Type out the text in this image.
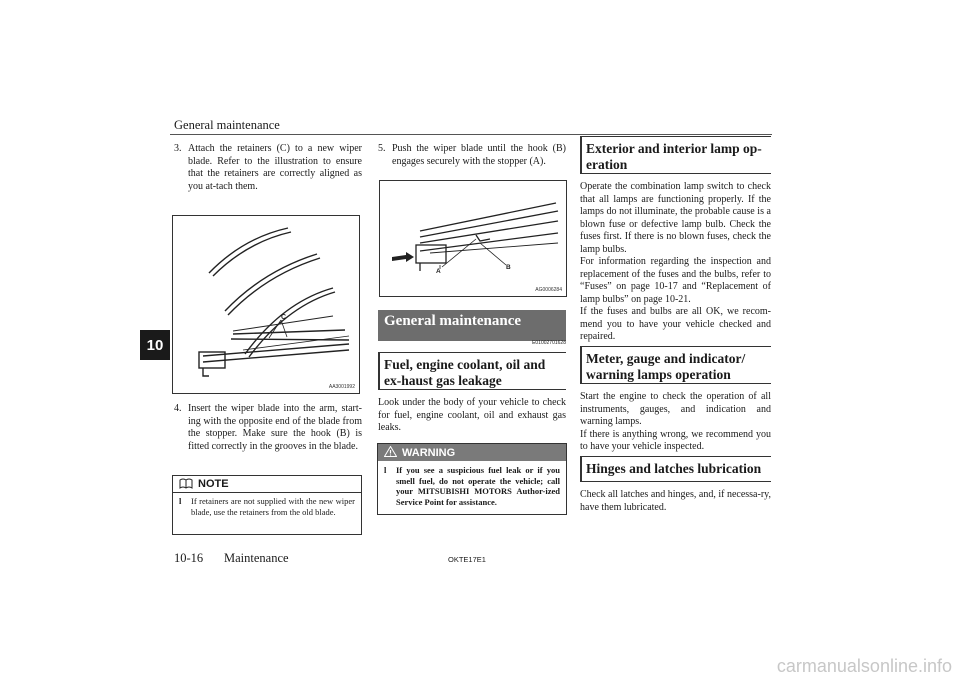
General maintenance
10
3. Attach the retainers (C) to a new wiper blade. Refer to the illustration to ensure that the retainers are correctly aligned as you at-tach them.
C
AA3001992
4. Insert the wiper blade into the arm, start-ing with the opposite end of the blade from the stopper. Make sure the hook (B) is fitted correctly in the grooves in the blade.
NOTE
l	If retainers are not supplied with the new wiper blade, use the retainers from the old blade.
5. Push the wiper blade until the hook (B) engages securely with the stopper (A).
A
B
AG0006284
General maintenance
E01002701628
Fuel, engine coolant, oil and ex-haust gas leakage
Look under the body of your vehicle to check for fuel, engine coolant, oil and exhaust gas leaks.
WARNING
l	If you see a suspicious fuel leak or if you smell fuel, do not operate the vehicle; call your MITSUBISHI MOTORS Author-ized Service Point for assistance.
Exterior and interior lamp op-eration
Operate the combination lamp switch to check that all lamps are functioning properly. If the lamps do not illuminate, the probable cause is a blown fuse or defective lamp bulb. Check the fuses first. If there is no blown fuses, check the lamp bulbs.
For information regarding the inspection and replacement of the fuses and the bulbs, refer to “Fuses” on page 10-17 and “Replacement of lamp bulbs” on page 10-21.
If the fuses and bulbs are all OK, we recom-mend you to have your vehicle checked and repaired.
Meter, gauge and indicator/ warning lamps operation
Start the engine to check the operation of all instruments, gauges, and indication and warning lamps.
If there is anything wrong, we recommend you to have your vehicle inspected.
Hinges and latches lubrication
Check all latches and hinges, and, if necessa-ry, have them lubricated.
10-16 Maintenance	OKTE17E1
carmanualsonline.info
